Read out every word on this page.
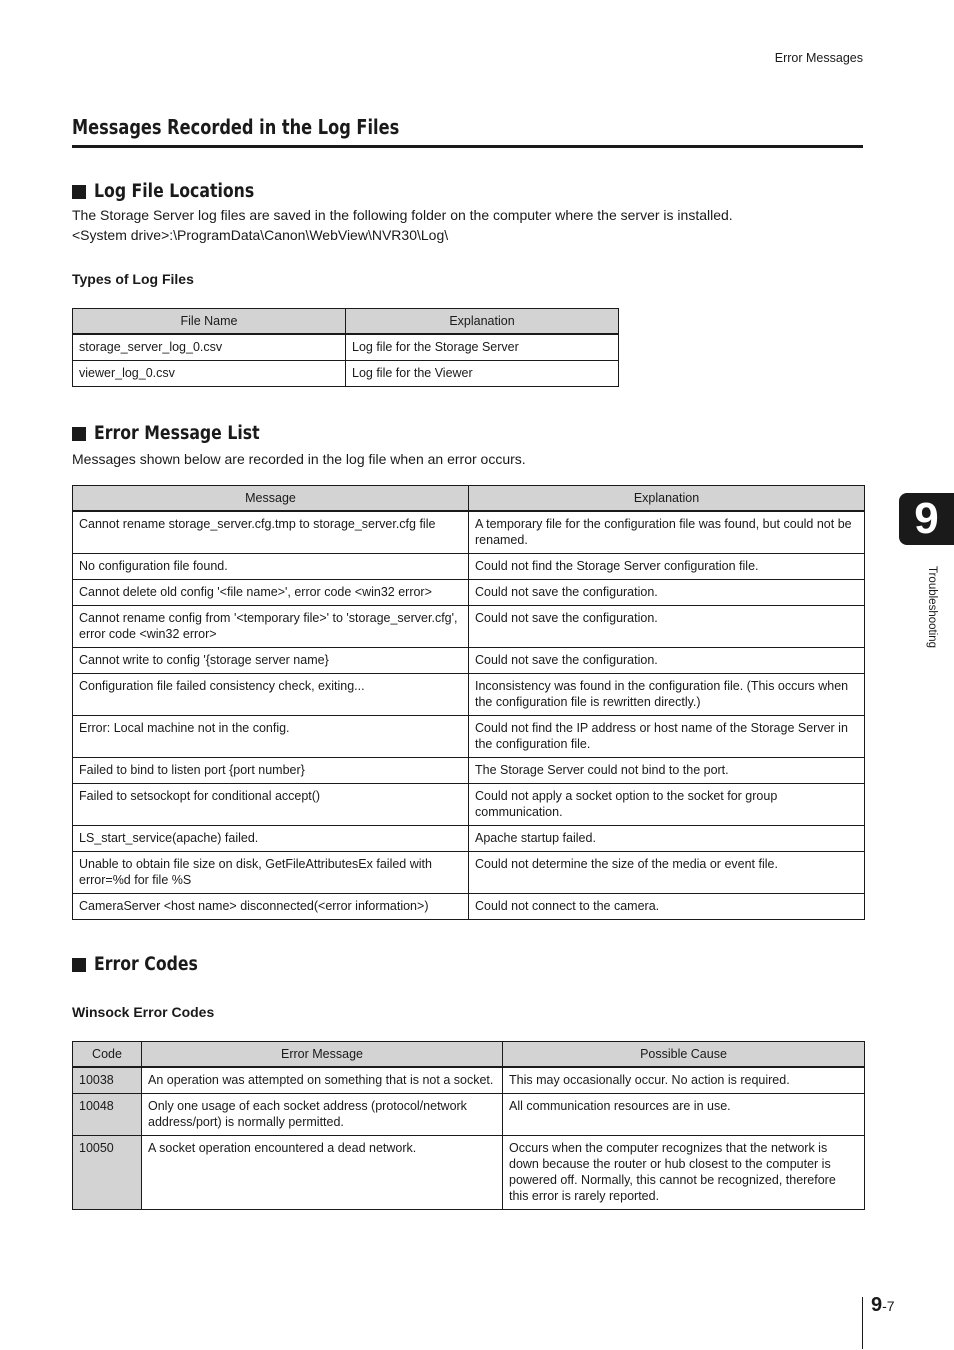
Error Messages
Messages Recorded in the Log Files
Log File Locations
The Storage Server log files are saved in the following folder on the computer where the server is installed.
<System drive>:\ProgramData\Canon\WebView\NVR30\Log\
Types of Log Files
File Name	Explanation
storage_server_log_0.csv	Log file for the Storage Server
viewer_log_0.csv	Log file for the Viewer
Error Message List
Messages shown below are recorded in the log file when an error occurs.
Message	Explanation
Cannot rename storage_server.cfg.tmp to storage_server.cfg file	A temporary file for the configuration file was found, but could not be renamed.
No configuration file found.	Could not find the Storage Server configuration file.
Cannot delete old config '<file name>', error code <win32 error>	Could not save the configuration.
Cannot rename config from '<temporary file>' to 'storage_server.cfg', error code <win32 error>	Could not save the configuration.
Cannot write to config '{storage server name}	Could not save the configuration.
Configuration file failed consistency check, exiting...	Inconsistency was found in the configuration file. (This occurs when the configuration file is rewritten directly.)
Error: Local machine not in the config.	Could not find the IP address or host name of the Storage Server in the configuration file.
Failed to bind to listen port {port number}	The Storage Server could not bind to the port.
Failed to setsockopt for conditional accept()	Could not apply a socket option to the socket for group communication.
LS_start_service(apache) failed.	Apache startup failed.
Unable to obtain file size on disk, GetFileAttributesEx failed with error=%d for file %S	Could not determine the size of the media or event file.
CameraServer <host name> disconnected(<error information>)	Could not connect to the camera.
Error Codes
Winsock Error Codes
Code	Error Message	Possible Cause
10038	An operation was attempted on something that is not a socket.	This may occasionally occur. No action is required.
10048	Only one usage of each socket address (protocol/network address/port) is normally permitted.	All communication resources are in use.
10050	A socket operation encountered a dead network.	Occurs when the computer recognizes that the network is down because the router or hub closest to the computer is powered off. Normally, this cannot be recognized, therefore this error is rarely reported.
9
Troubleshooting
9-7
